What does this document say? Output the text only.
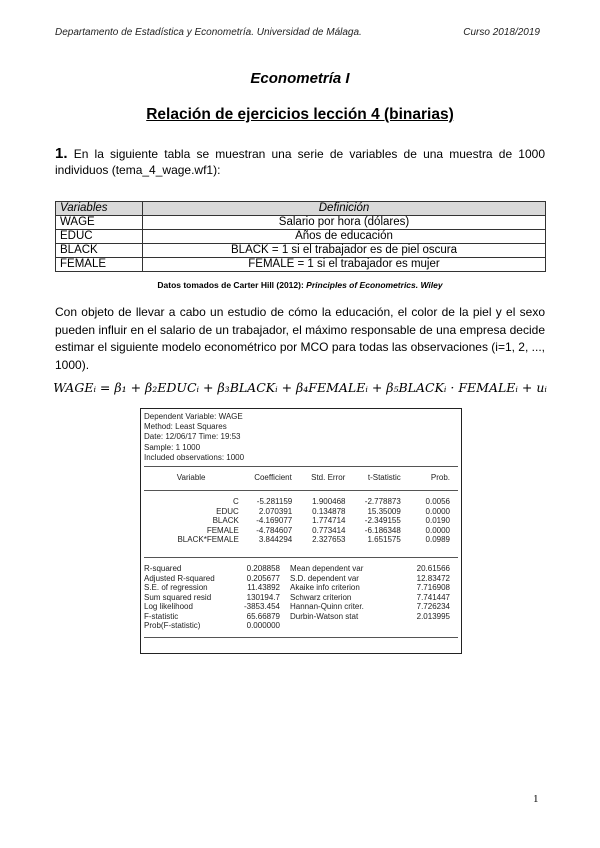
Departamento de Estadística y Econometría. Universidad de Málaga.	Curso 2018/2019
Econometría I
Relación de ejercicios lección 4 (binarias)
1. En la siguiente tabla se muestran una serie de variables de una muestra de 1000 individuos (tema_4_wage.wf1):
Variables	Definición
WAGE	Salario por hora (dólares)
EDUC	Años de educación
BLACK	BLACK = 1 si el trabajador es de piel oscura
FEMALE	FEMALE = 1 si el trabajador es mujer
Datos tomados de Carter Hill (2012): Principles of Econometrics. Wiley
Con objeto de llevar a cabo un estudio de cómo la educación, el color de la piel y el sexo pueden influir en el salario de un trabajador, el máximo responsable de una empresa decide estimar el siguiente modelo econométrico por MCO para todas las observaciones (i=1, 2, ..., 1000).
WAGEᵢ = β₁ + β₂EDUCᵢ + β₃BLACKᵢ + β₄FEMALEᵢ + β₅BLACKᵢ · FEMALEᵢ + uᵢ
Dependent Variable: WAGE
Method: Least Squares
Date: 12/06/17 Time: 19:53
Sample: 1 1000
Included observations: 1000
Variable	Coefficient	Std. Error	t-Statistic	Prob.
C	-5.281159	1.900468	-2.778873	0.0056
EDUC	2.070391	0.134878	15.35009	0.0000
BLACK	-4.169077	1.774714	-2.349155	0.0190
FEMALE	-4.784607	0.773414	-6.186348	0.0000
BLACK*FEMALE	3.844294	2.327653	1.651575	0.0989
R-squared	0.208858		Mean dependent var	20.61566
Adjusted R-squared	0.205677		S.D. dependent var	12.83472
S.E. of regression	11.43892		Akaike info criterion	7.716908
Sum squared resid	130194.7		Schwarz criterion	7.741447
Log likelihood	-3853.454		Hannan-Quinn criter.	7.726234
F-statistic	65.66879		Durbin-Watson stat	2.013995
Prob(F-statistic)	0.000000			
1
